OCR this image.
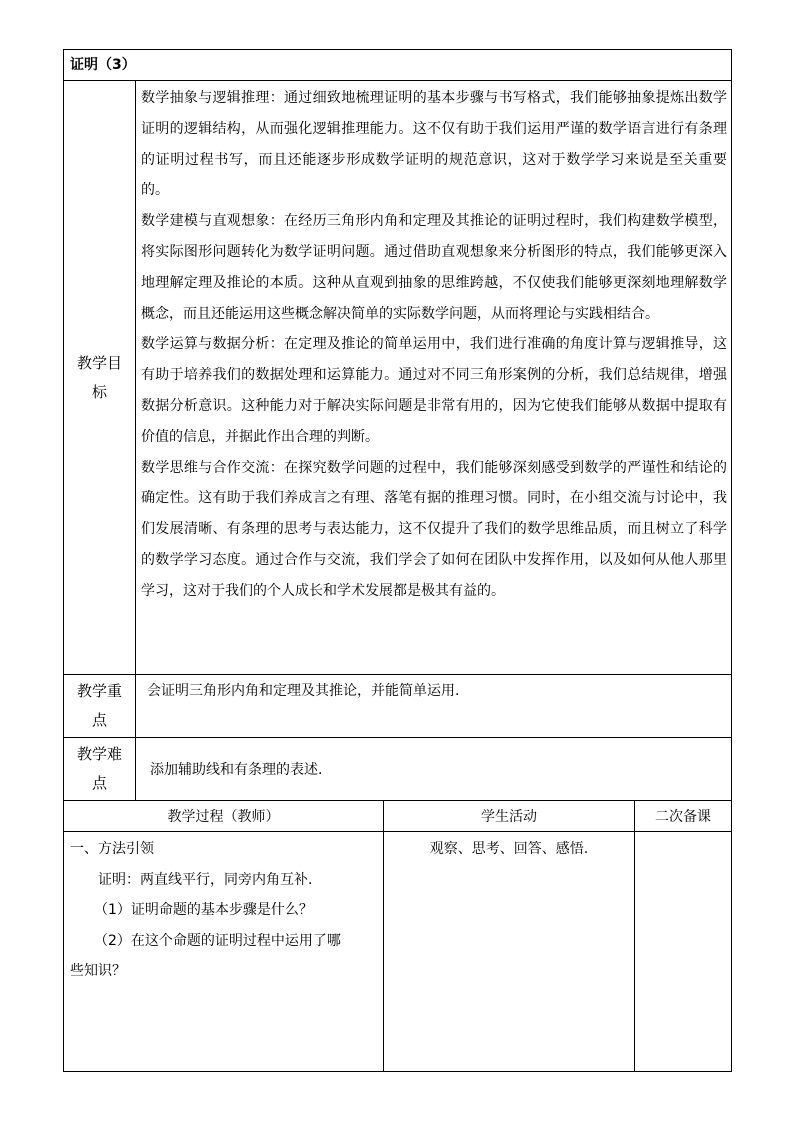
证明（3）	

教学目标	数学抽象与逻辑推理：通过细致地梳理证明的基本步骤与书写格式，我们能够抽象提炼出数学证明的逻辑结构，从而强化逻辑推理能力。这不仅有助于我们运用严谨的数学语言进行有条理的证明过程书写，而且还能逐步形成数学证明的规范意识，这对于数学学习来说是至关重要的。

数学建模与直观想象：在经历三角形内角和定理及其推论的证明过程时，我们构建数学模型，将实际图形问题转化为数学证明问题。通过借助直观想象来分析图形的特点，我们能够更深入地理解定理及推论的本质。这种从直观到抽象的思维跨越，不仅使我们能够更深刻地理解数学概念，而且还能运用这些概念解决简单的实际数学问题，从而将理论与实践相结合。

数学运算与数据分析：在定理及推论的简单运用中，我们进行准确的角度计算与逻辑推导，这有助于培养我们的数据处理和运算能力。通过对不同三角形案例的分析，我们总结规律，增强数据分析意识。这种能力对于解决实际问题是非常有用的，因为它使我们能够从数据中提取有价值的信息，并据此作出合理的判断。

数学思维与合作交流：在探究数学问题的过程中，我们能够深刻感受到数学的严谨性和结论的确定性。这有助于我们养成言之有理、落笔有据的推理习惯。同时，在小组交流与讨论中，我们发展清晰、有条理的思考与表达能力，这不仅提升了我们的数学思维品质，而且树立了科学的数学学习态度。通过合作与交流，我们学会了如何在团队中发挥作用，以及如何从他人那里学习，这对于我们的个人成长和学术发展都是极其有益的。

教学重点	会证明三角形内角和定理及其推论，并能简单运用.

教学难点	添加辅助线和有条理的表述.
教学过程（教师）	学生活动	二次备课

一、方法引领

证明：两直线平行，同旁内角互补.

（1）证明命题的基本步骤是什么？

（2）在这个命题的证明过程中运用了哪

些知识？	观察、思考、回答、感悟.	
